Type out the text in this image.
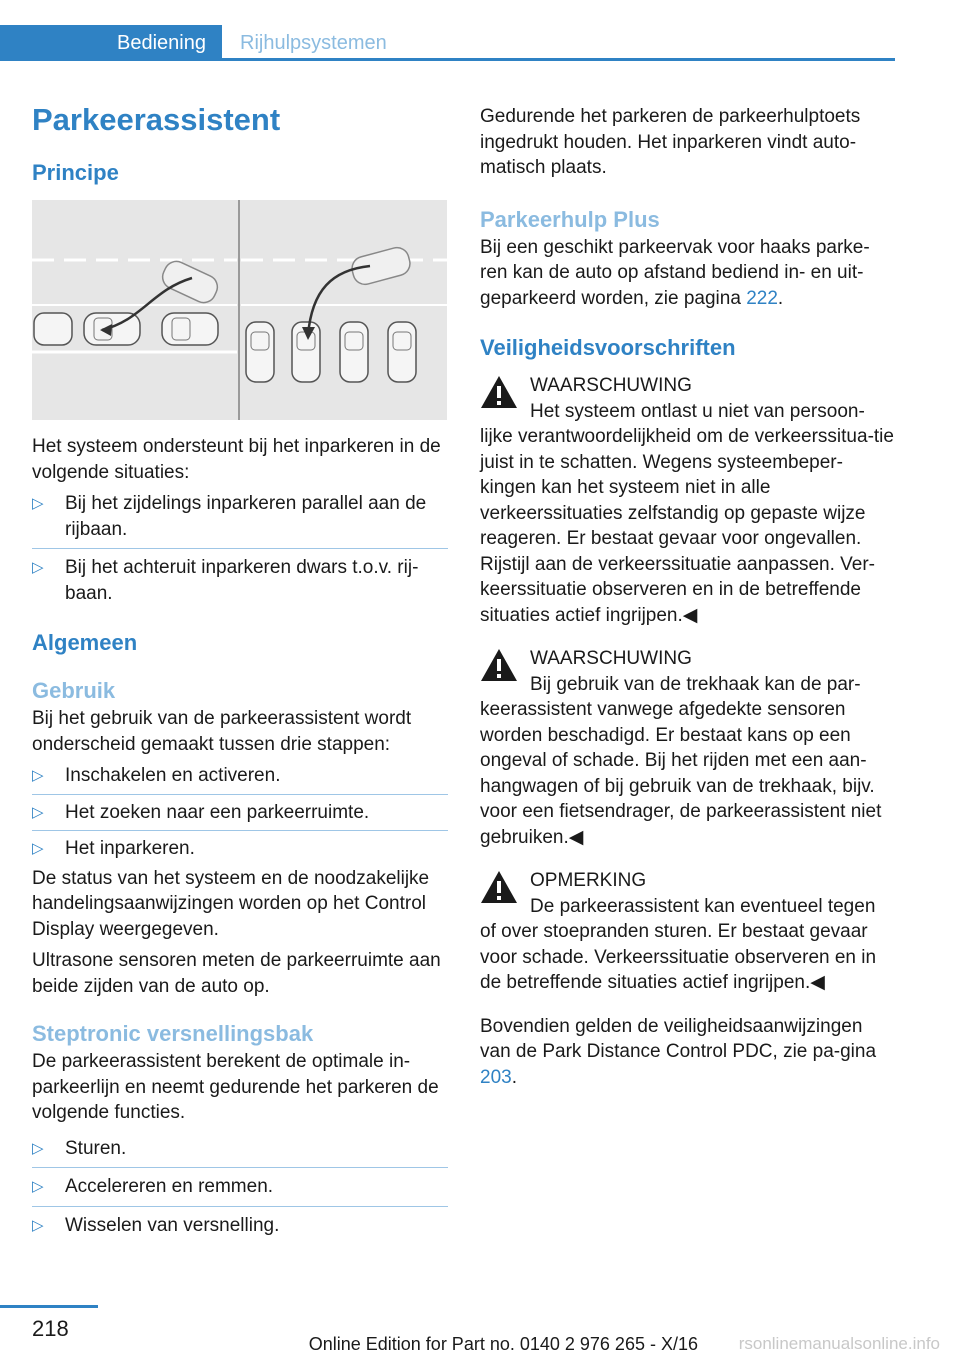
Bediening	Rijhulpsystemen
Parkeerassistent
Principe

Het systeem ondersteunt bij het inparkeren in de volgende situaties:

▷ Bij het zijdelings inparkeren parallel aan de rijbaan.
▷ Bij het achteruit inparkeren dwars t.o.v. rij-baan.
Algemeen
Gebruik

Bij het gebruik van de parkeerassistent wordt onderscheid gemaakt tussen drie stappen:

▷ Inschakelen en activeren.
▷ Het zoeken naar een parkeerruimte.
▷ Het inparkeren.

De status van het systeem en de noodzakelijke handelingsaanwijzingen worden op het Control Display weergegeven.

Ultrasone sensoren meten de parkeerruimte aan beide zijden van de auto op.

Steptronic versnellingsbak

De parkeerassistent berekent de optimale in-parkeerlijn en neemt gedurende het parkeren de volgende functies.

▷ Sturen.
▷ Accelereren en remmen.
▷ Wisselen van versnelling.

Gedurende het parkeren de parkeerhulptoets ingedrukt houden. Het inparkeren vindt auto-matisch plaats.

Parkeerhulp Plus

Bij een geschikt parkeervak voor haaks parke-ren kan de auto op afstand bediend in- en uit-geparkeerd worden, zie pagina 222.

Veiligheidsvoorschriften

WAARSCHUWING

Het systeem ontlast u niet van persoon-

lijke verantwoordelijkheid om de verkeerssitua-tie juist in te schatten. Wegens systeembeper-kingen kan het systeem niet in alle verkeerssituaties zelfstandig op gepaste wijze reageren. Er bestaat gevaar voor ongevallen. Rijstijl aan de verkeerssituatie aanpassen. Ver-keerssituatie observeren en in de betreffende situaties actief ingrijpen.◀

WAARSCHUWING

Bij gebruik van de trekhaak kan de par-

keerassistent vanwege afgedekte sensoren worden beschadigd. Er bestaat kans op een ongeval of schade. Bij het rijden met een aan-hangwagen of bij gebruik van de trekhaak, bijv. voor een fietsendrager, de parkeerassistent niet gebruiken.◀

OPMERKING

De parkeerassistent kan eventueel tegen

of over stoepranden sturen. Er bestaat gevaar voor schade. Verkeerssituatie observeren en in de betreffende situaties actief ingrijpen.◀

Bovendien gelden de veiligheidsaanwijzingen van de Park Distance Control PDC, zie pa-gina 203.

218
Online Edition for Part no. 0140 2 976 265 - X/16 rsonlinemanualsonline.info
